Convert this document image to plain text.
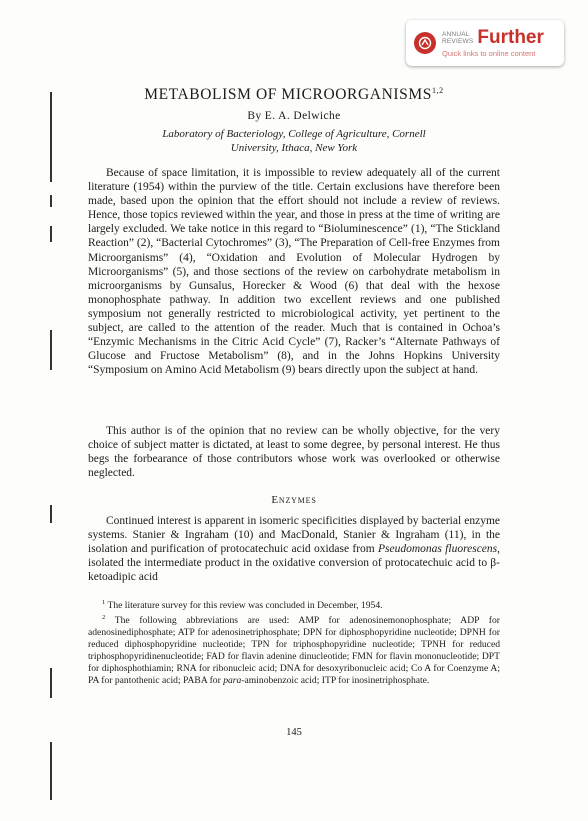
ANNUAL
REVIEWS Further
Quick links to online content
METABOLISM OF MICROORGANISMS$^{1,2}$
By E. A. Delwiche
Laboratory of Bacteriology, College of Agriculture, Cornell
University, Ithaca, New York

Because of space limitation, it is impossible to review adequately all of the current literature (1954) within the purview of the title. Certain exclusions have therefore been made, based upon the opinion that the effort should not include a review of reviews. Hence, those topics reviewed within the year, and those in press at the time of writing are largely excluded. We take notice in this regard to “Bioluminescence” (1), “The Stickland Reaction” (2), “Bacterial Cytochromes” (3), “The Preparation of Cell-free Enzymes from Microorganisms” (4), “Oxidation and Evolution of Molecular Hydrogen by Microorganisms” (5), and those sections of the review on carbohydrate metabolism in microorganisms by Gunsalus, Horecker & Wood (6) that deal with the hexose monophosphate pathway. In addition two excellent reviews and one published symposium not generally restricted to microbiological activity, yet pertinent to the subject, are called to the attention of the reader. Much that is contained in Ochoa’s “Enzymic Mechanisms in the Citric Acid Cycle” (7), Racker’s “Alternate Pathways of Glucose and Fructose Metabolism” (8), and in the Johns Hopkins University “Symposium on Amino Acid Metabolism (9) bears directly upon the subject at hand.

This author is of the opinion that no review can be wholly objective, for the very choice of subject matter is dictated, at least to some degree, by personal interest. He thus begs the forbearance of those contributors whose work was overlooked or otherwise neglected.

Enzymes

Continued interest is apparent in isomeric specificities displayed by bacterial enzyme systems. Stanier & Ingraham (10) and MacDonald, Stanier & Ingraham (11), in the isolation and purification of protocatechuic acid oxidase from Pseudomonas fluorescens, isolated the intermediate product in the oxidative conversion of protocatechuic acid to β-ketoadipic acid

$^1$ The literature survey for this review was concluded in December, 1954.

$^2$ The following abbreviations are used: AMP for adenosinemonophosphate; ADP for adenosinediphosphate; ATP for adenosinetriphosphate; DPN for diphosphopyridine nucleotide; DPNH for reduced diphosphopyridine nucleotide; TPN for triphosphopyridine nucleotide; TPNH for reduced triphosphopyridinenucleotide; FAD for flavin adenine dinucleotide; FMN for flavin mononucleotide; DPT for diphosphothiamin; RNA for ribonucleic acid; DNA for desoxyribonucleic acid; Co A for Coenzyme A; PA for pantothenic acid; PABA for para-aminobenzoic acid; ITP for inosinetriphosphate.

145
